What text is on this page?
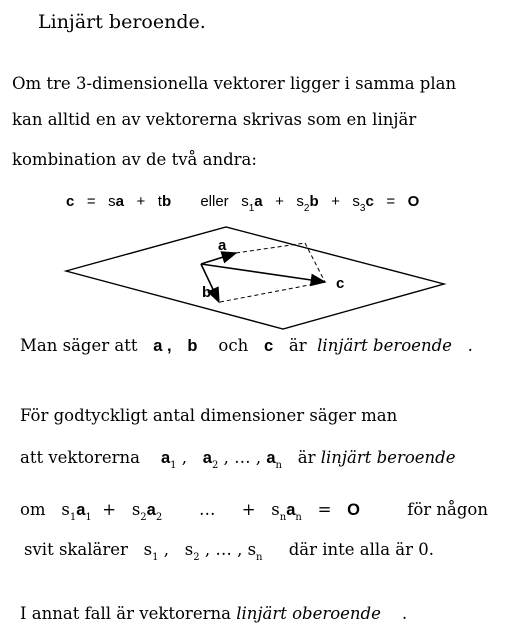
Linjärt beroende.
Om tre 3-dimensionella vektorer ligger i samma plan
kan alltid en av vektorerna skrivas som en linjär
kombination av de två andra:
c = sa + tb eller $s_1a + s_2b + s_3c = O$
a
b
c
Man säger att a , b och c är linjärt beroende .
För godtyckligt antal dimensioner säger man
att vektorerna $a_1$ , $a_2$ , … , $a_n$ är linjärt beroende
om $s_1a_1 + s_2a_2$ … + $s_na_n = O$	för någon
svit skalärer $s_1$ , $s_2$ , … , $s_n$ där inte alla är 0.
I annat fall är vektorerna linjärt oberoende .
